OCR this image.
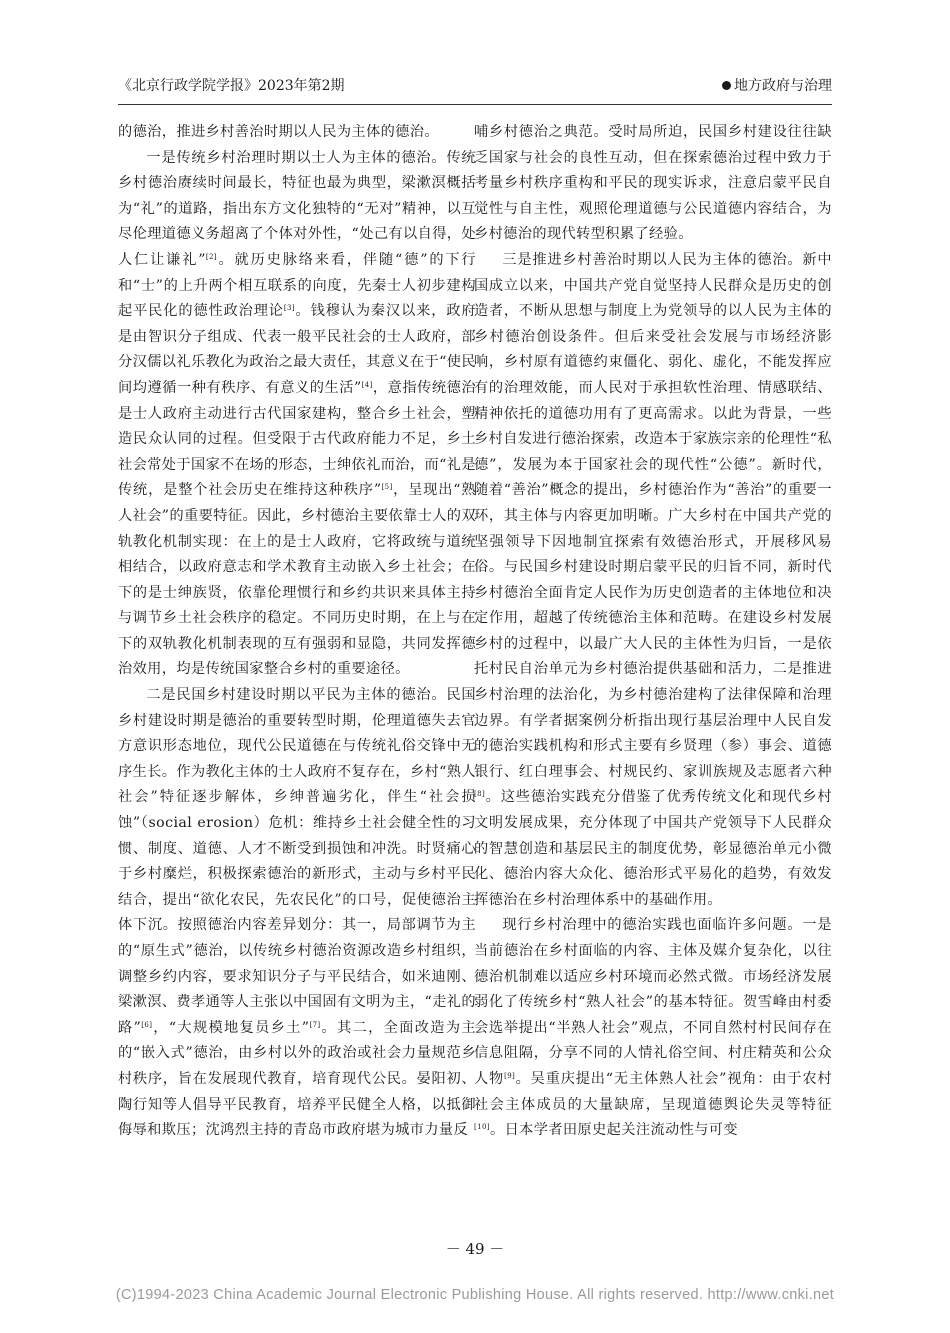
《北京行政学院学报》2023年第2期	地方政府与治理

的德治，推进乡村善治时期以人民为主体的德治。

一是传统乡村治理时期以士人为主体的德治。传统乡村德治赓续时间最长，特征也最为典型，梁漱溟概括为“礼”的道路，指出东方文化独特的“无对”精神，以互尽伦理道德义务超离了个体对外性，“处己有以自得，处人仁让谦礼”[2]。就历史脉络来看，伴随“德”的下行和“士”的上升两个相互联系的向度，先秦士人初步建构起平民化的德性政治理论[3]。钱穆认为秦汉以来，政府是由智识分子组成、代表一般平民社会的士人政府，部分汉儒以礼乐教化为政治之最大责任，其意义在于“使民间均遵循一种有秩序、有意义的生活”[4]，意指传统德治是士人政府主动进行古代国家建构，整合乡土社会，塑造民众认同的过程。但受限于古代政府能力不足，乡土社会常处于国家不在场的形态，士绅依礼而治，而“礼是传统，是整个社会历史在维持这种秩序”[5]，呈现出“熟人社会”的重要特征。因此，乡村德治主要依靠士人的双轨教化机制实现：在上的是士人政府，它将政统与道统相结合，以政府意志和学术教育主动嵌入乡土社会；在下的是士绅族贤，依靠伦理惯行和乡约共识来具体主持与调节乡土社会秩序的稳定。不同历史时期，在上与在下的双轨教化机制表现的互有强弱和显隐，共同发挥德治效用，均是传统国家整合乡村的重要途径。

二是民国乡村建设时期以平民为主体的德治。民国乡村建设时期是德治的重要转型时期，伦理道德失去官方意识形态地位，现代公民道德在与传统礼俗交锋中无序生长。作为教化主体的士人政府不复存在，乡村“熟人社会”特征逐步解体，乡绅普遍劣化，伴生“社会损蚀”（social erosion）危机：维持乡土社会健全性的习惯、制度、道德、人才不断受到损蚀和冲洗。时贤痛心于乡村糜烂，积极探索德治的新形式，主动与乡村平民结合，提出“欲化农民，先农民化”的口号，促使德治主体下沉。按照德治内容差异划分：其一，局部调节为主的“原生式”德治，以传统乡村德治资源改造乡村组织，调整乡约内容，要求知识分子与平民结合，如米迪刚、梁漱溟、费孝通等人主张以中国固有文明为主，“走礼的路”[6]，“大规模地复员乡土”[7]。其二，全面改造为主的“嵌入式”德治，由乡村以外的政治或社会力量规范乡村秩序，旨在发展现代教育，培育现代公民。晏阳初、陶行知等人倡导平民教育，培养平民健全人格，以抵御侮辱和欺压；沈鸿烈主持的青岛市政府堪为城市力量反

哺乡村德治之典范。受时局所迫，民国乡村建设往往缺乏国家与社会的良性互动，但在探索德治过程中致力于考量乡村秩序重构和平民的现实诉求，注意启蒙平民自觉性与自主性，观照伦理道德与公民道德内容结合，为乡村德治的现代转型积累了经验。

三是推进乡村善治时期以人民为主体的德治。新中国成立以来，中国共产党自觉坚持人民群众是历史的创造者，不断从思想与制度上为党领导的以人民为主体的乡村德治创设条件。但后来受社会发展与市场经济影响，乡村原有道德约束僵化、弱化、虚化，不能发挥应有的治理效能，而人民对于承担软性治理、情感联结、精神依托的道德功用有了更高需求。以此为背景，一些乡村自发进行德治探索，改造本于家族宗亲的伦理性“私德”，发展为本于国家社会的现代性“公德”。新时代，随着“善治”概念的提出，乡村德治作为“善治”的重要一环，其主体与内容更加明晰。广大乡村在中国共产党的坚强领导下因地制宜探索有效德治形式，开展移风易俗。与民国乡村建设时期启蒙平民的归旨不同，新时代乡村德治全面肯定人民作为历史创造者的主体地位和决定作用，超越了传统德治主体和范畴。在建设乡村发展乡村的过程中，以最广大人民的主体性为归旨，一是依托村民自治单元为乡村德治提供基础和活力，二是推进乡村治理的法治化，为乡村德治建构了法律保障和治理边界。有学者据案例分析指出现行基层治理中人民自发的德治实践机构和形式主要有乡贤理（参）事会、道德银行、红白理事会、村规民约、家训族规及志愿者六种[8]。这些德治实践充分借鉴了优秀传统文化和现代乡村文明发展成果，充分体现了中国共产党领导下人民群众的智慧创造和基层民主的制度优势，彰显德治单元小微化、德治内容大众化、德治形式平易化的趋势，有效发挥德治在乡村治理体系中的基础作用。

现行乡村治理中的德治实践也面临许多问题。一是当前德治在乡村面临的内容、主体及媒介复杂化，以往德治机制难以适应乡村环境而必然式微。市场经济发展弱化了传统乡村“熟人社会”的基本特征。贺雪峰由村委会选举提出“半熟人社会”观点，不同自然村村民间存在信息阻隔，分享不同的人情礼俗空间、村庄精英和公众人物[9]。吴重庆提出“无主体熟人社会”视角：由于农村社会主体成员的大量缺席，呈现道德舆论失灵等特征[10]。日本学者田原史起关注流动性与可变

－ 49 －
(C)1994-2023 China Academic Journal Electronic Publishing House. All rights reserved. http://www.cnki.net
